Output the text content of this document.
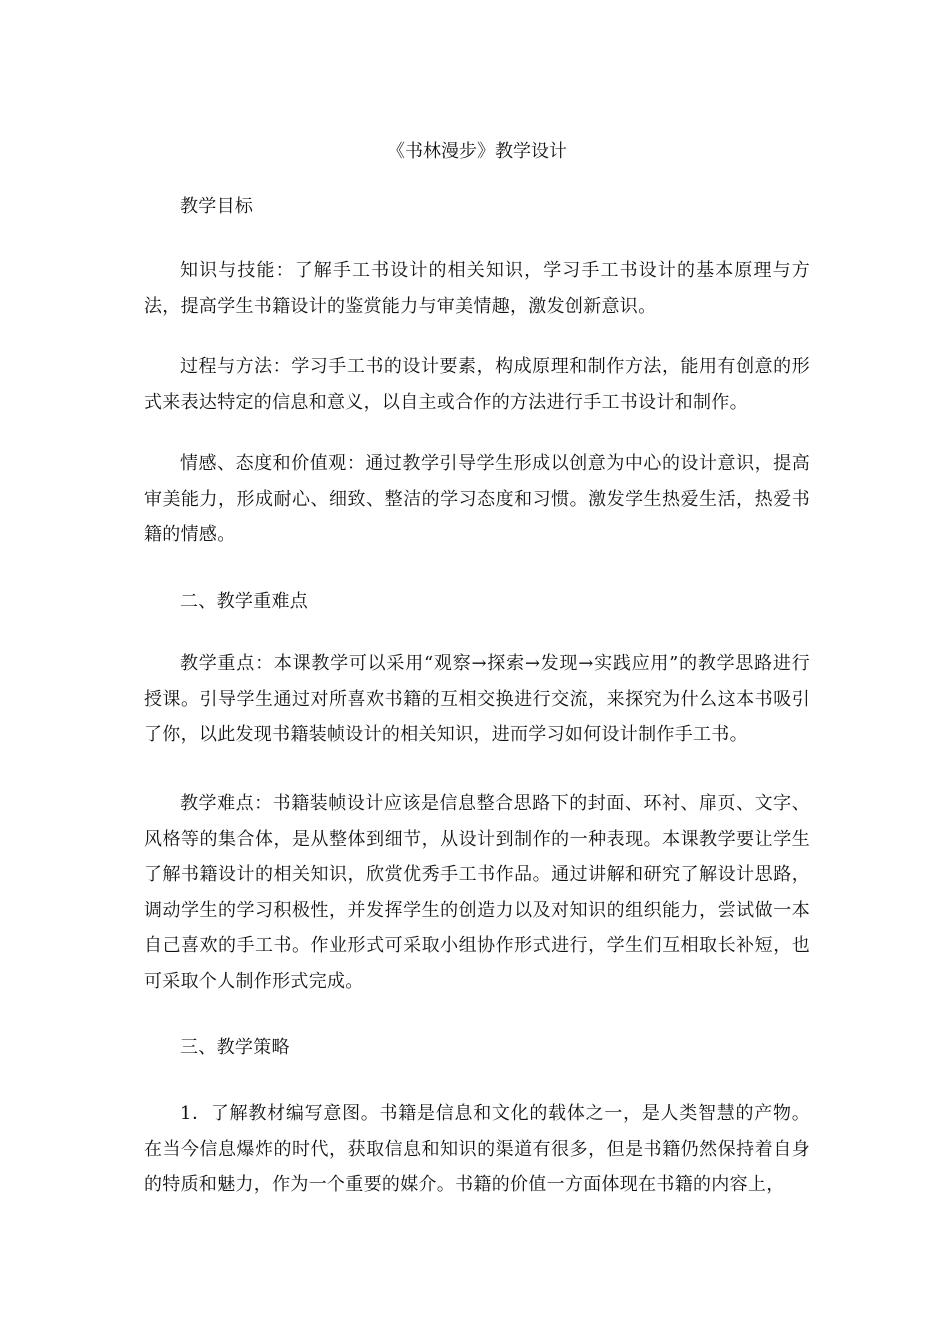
《书林漫步》教学设计

教学目标

知识与技能：了解手工书设计的相关知识，学习手工书设计的基本原理与方法，提高学生书籍设计的鉴赏能力与审美情趣，激发创新意识。

过程与方法：学习手工书的设计要素，构成原理和制作方法，能用有创意的形式来表达特定的信息和意义，以自主或合作的方法进行手工书设计和制作。

情感、态度和价值观：通过教学引导学生形成以创意为中心的设计意识，提高审美能力，形成耐心、细致、整洁的学习态度和习惯。激发学生热爱生活，热爱书籍的情感。

二、教学重难点

教学重点：本课教学可以采用“观察→探索→发现→实践应用”的教学思路进行授课。引导学生通过对所喜欢书籍的互相交换进行交流，来探究为什么这本书吸引了你，以此发现书籍装帧设计的相关知识，进而学习如何设计制作手工书。

教学难点：书籍装帧设计应该是信息整合思路下的封面、环衬、扉页、文字、风格等的集合体，是从整体到细节，从设计到制作的一种表现。本课教学要让学生了解书籍设计的相关知识，欣赏优秀手工书作品。通过讲解和研究了解设计思路，调动学生的学习积极性，并发挥学生的创造力以及对知识的组织能力，尝试做一本自己喜欢的手工书。作业形式可采取小组协作形式进行，学生们互相取长补短，也可采取个人制作形式完成。

三、教学策略

1．了解教材编写意图。书籍是信息和文化的载体之一，是人类智慧的产物。在当今信息爆炸的时代，获取信息和知识的渠道有很多，但是书籍仍然保持着自身的特质和魅力，作为一个重要的媒介。书籍的价值一方面体现在书籍的内容上，
